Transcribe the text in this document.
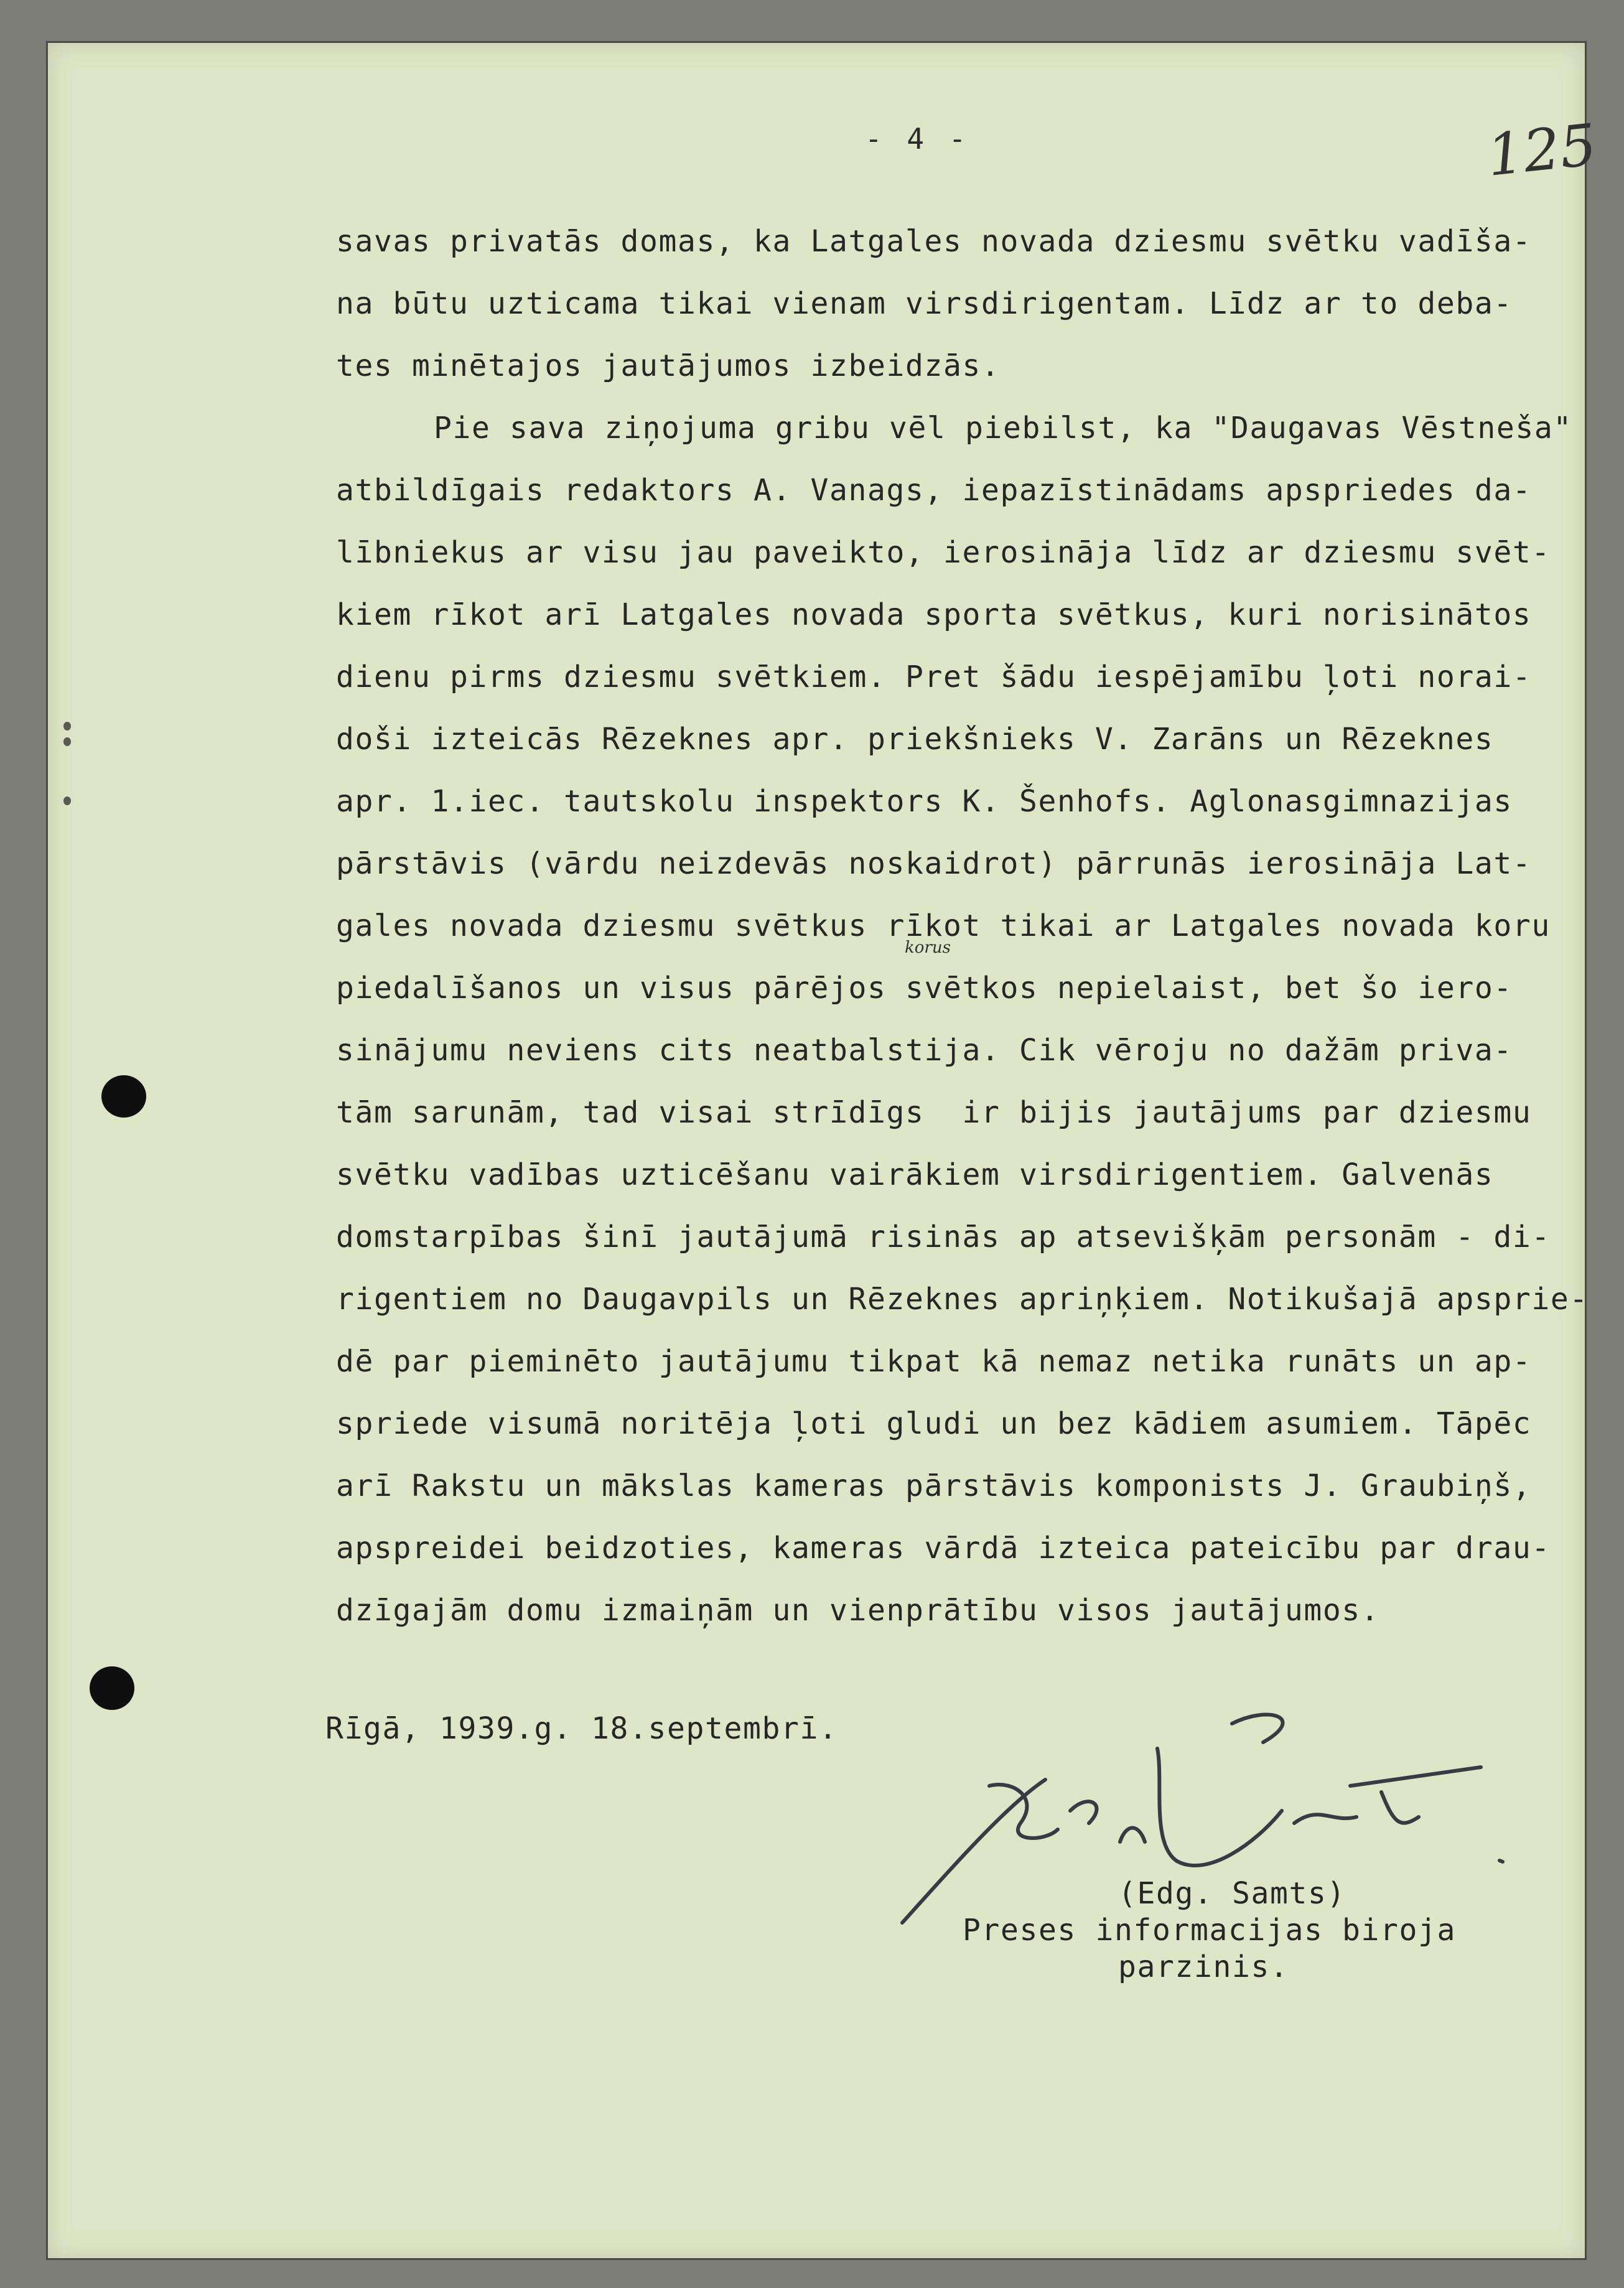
- 4 -	125
savas privatās domas, ka Latgales novada dziesmu svētku vadīša-
na būtu uzticama tikai vienam virsdirigentam. Līdz ar to deba-
tes minētajos jautājumos izbeidzās.
Pie sava ziņojuma gribu vēl piebilst, ka "Daugavas Vēstneša"
atbildīgais redaktors A. Vanags, iepazīstinādams apspriedes da-
lībniekus ar visu jau paveikto, ierosināja līdz ar dziesmu svēt-
kiem rīkot arī Latgales novada sporta svētkus, kuri norisinātos
dienu pirms dziesmu svētkiem. Pret šādu iespējamību ļoti norai-
doši izteicās Rēzeknes apr. priekšnieks V. Zarāns un Rēzeknes
apr. 1.iec. tautskolu inspektors K. Šenhofs. Aglonasgimnazijas
pārstāvis (vārdu neizdevās noskaidrot) pārrunās ierosināja Lat-
gales novada dziesmu svētkus rīkot tikai ar Latgales novada koru
piedalīšanos un visus pārējos svētkos nepielaist, bet šo iero-
sinājumu neviens cits neatbalstija. Cik vēroju no dažām priva-
tām sarunām, tad visai strīdīgs  ir bijis jautājums par dziesmu
svētku vadības uzticēšanu vairākiem virsdirigentiem. Galvenās
domstarpības šinī jautājumā risinās ap atsevišķām personām - di-
rigentiem no Daugavpils un Rēzeknes apriņķiem. Notikušajā apsprie-
dē par pieminēto jautājumu tikpat kā nemaz netika runāts un ap-
spriede visumā noritēja ļoti gludi un bez kādiem asumiem. Tāpēc
arī Rakstu un mākslas kameras pārstāvis komponists J. Graubiņš,
apspreidei beidzoties, kameras vārdā izteica pateicību par drau-
dzīgajām domu izmaiņām un vienprātību visos jautājumos.
korus
Rīgā, 1939.g. 18.septembrī.
(Edg. Samts)
Preses informacijas biroja
parzinis.
